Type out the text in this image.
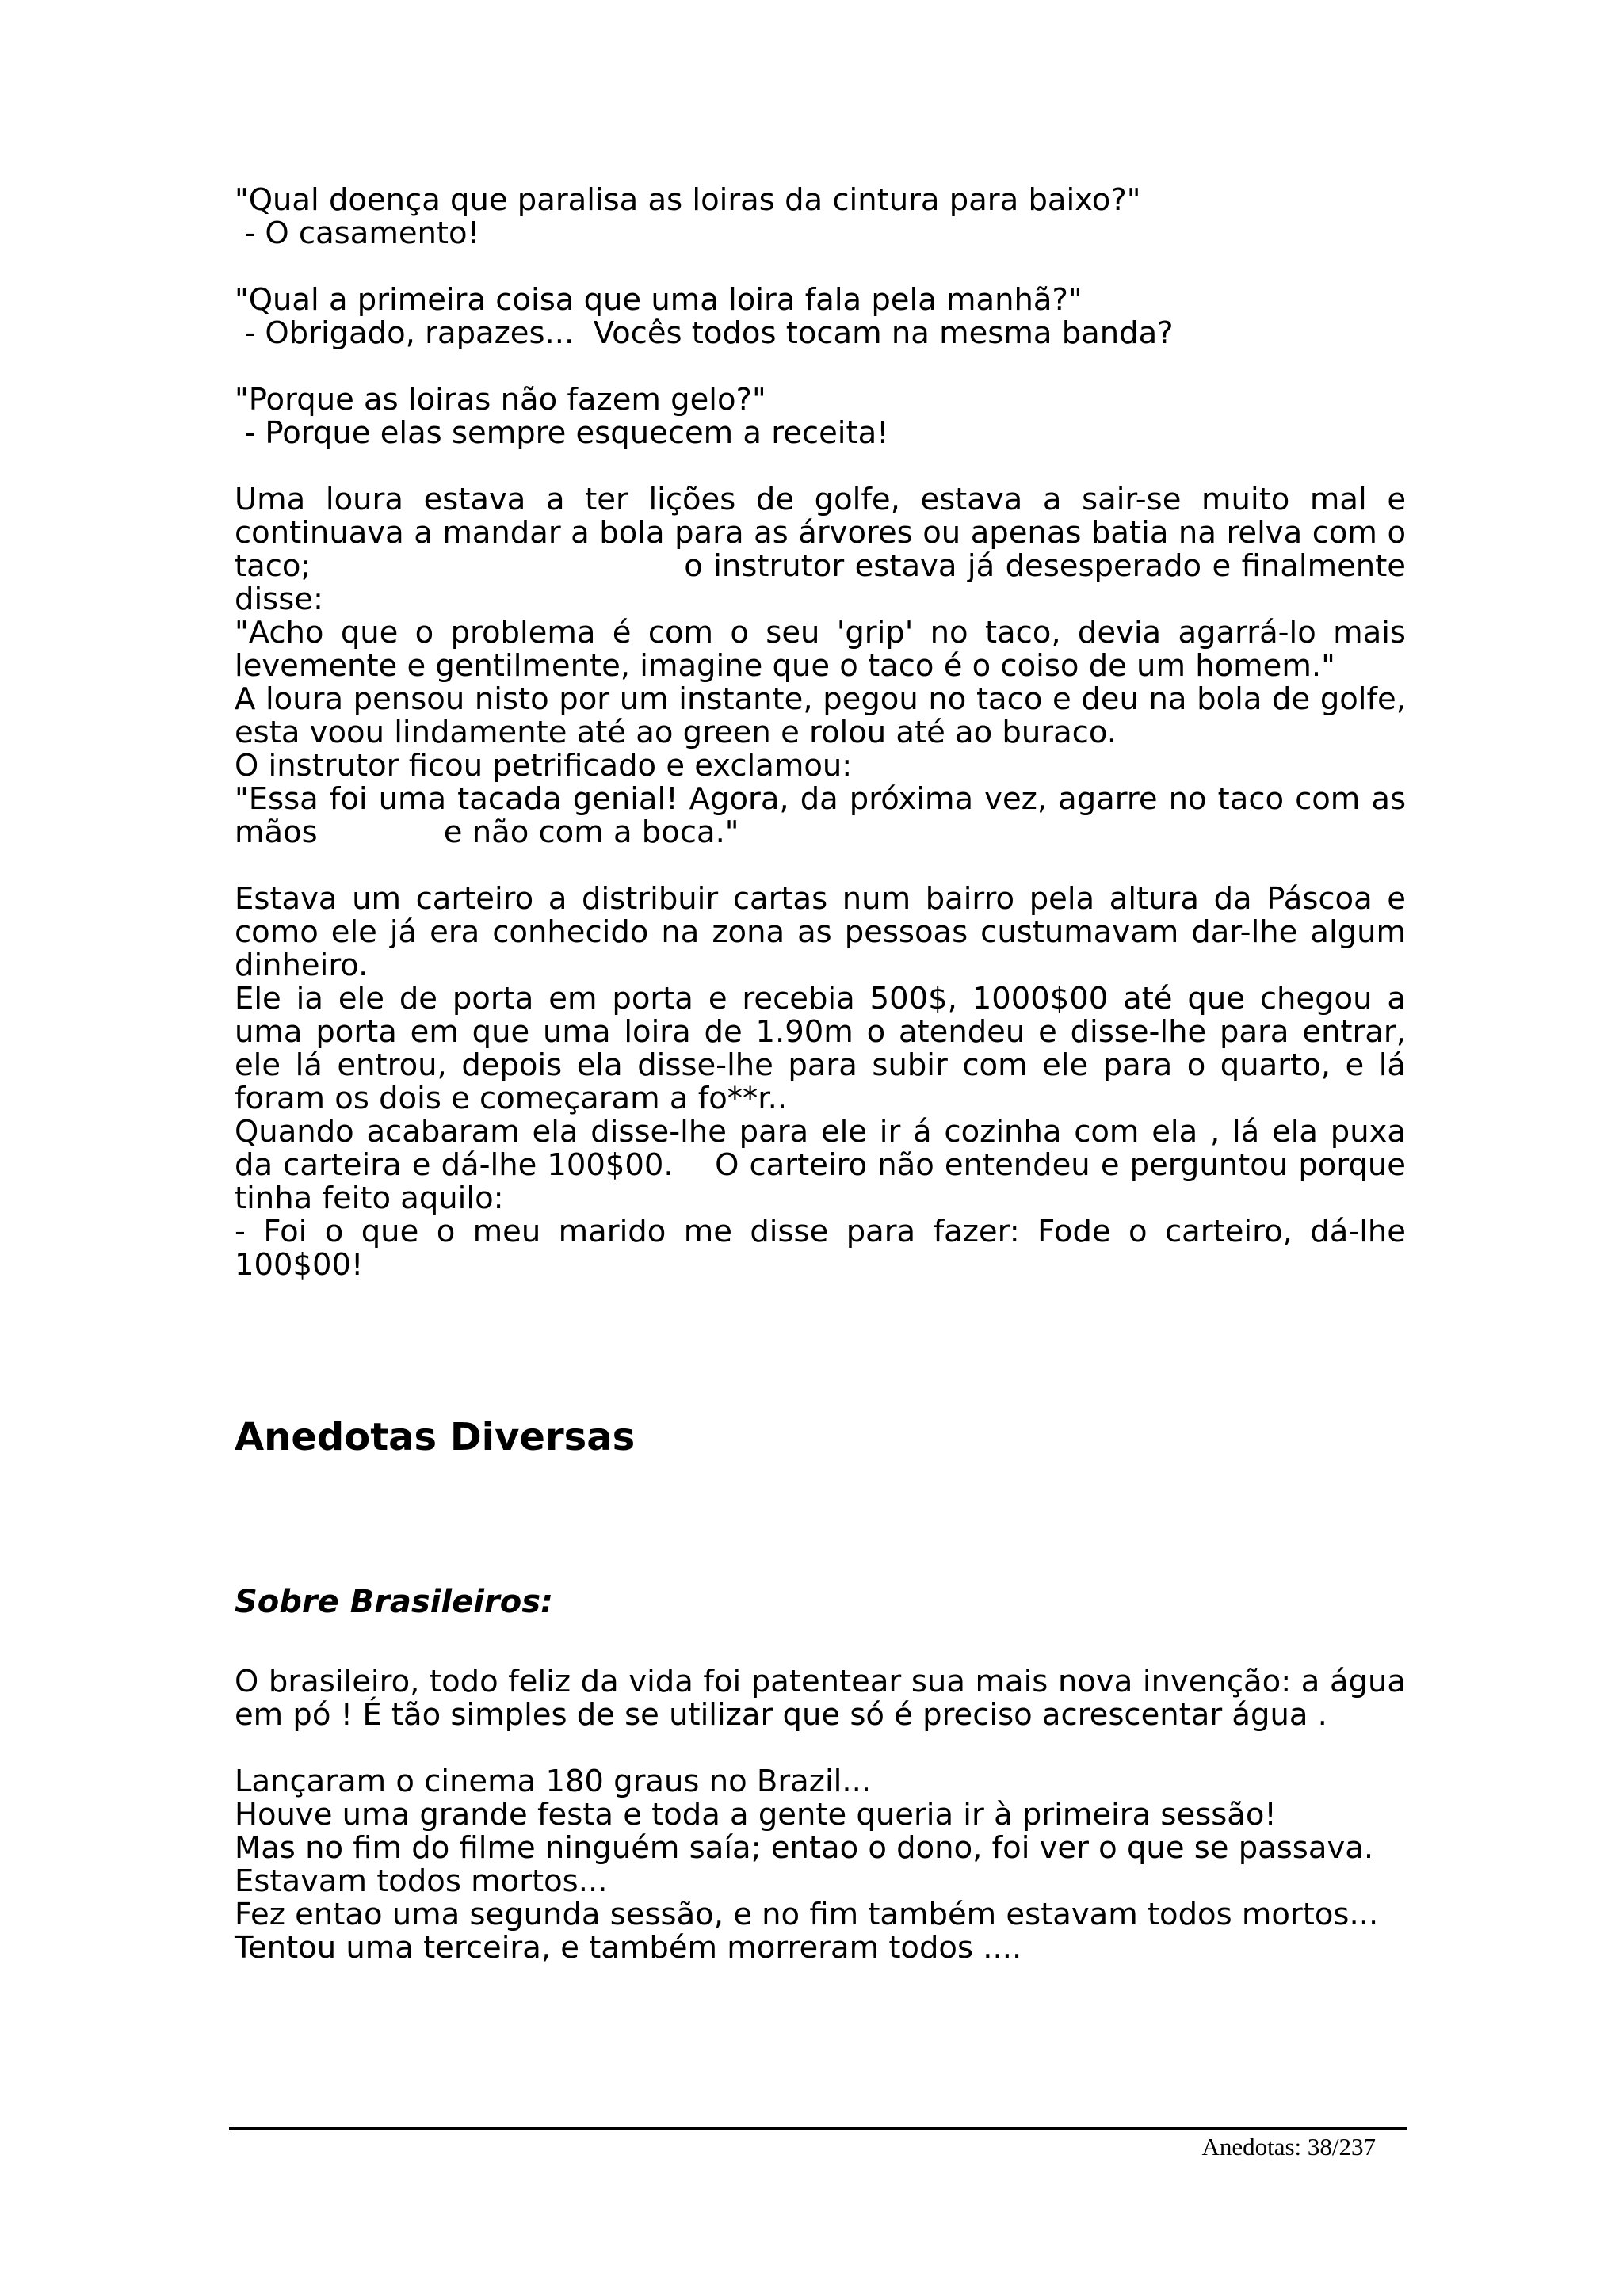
"Qual doença que paralisa as loiras da cintura para baixo?"

- O casamento!

"Qual a primeira coisa que uma loira fala pela manhã?"

- Obrigado, rapazes...  Vocês todos tocam na mesma banda?

"Porque as loiras não fazem gelo?"

- Porque elas sempre esquecem a receita!

Uma loura estava a ter lições de golfe, estava a sair-se muito mal e continuava a mandar a bola para as árvores ou apenas batia na relva com o taco;                                   o instrutor estava já desesperado e finalmente disse:

"Acho que o problema é com o seu 'grip' no taco, devia agarrá-lo mais levemente e gentilmente, imagine que o taco é o coiso de um homem."

A loura pensou nisto por um instante, pegou no taco e deu na bola de golfe, esta voou lindamente até ao green e rolou até ao buraco.

O instrutor ficou petrificado e exclamou:

"Essa foi uma tacada genial! Agora, da próxima vez, agarre no taco com as mãos             e não com a boca."

Estava um carteiro a distribuir cartas num bairro pela altura da Páscoa e como ele já era conhecido na zona as pessoas custumavam dar-lhe algum dinheiro.

Ele ia ele de porta em porta e recebia 500$, 1000$00 até que chegou a uma porta em que uma loira de 1.90m o atendeu e disse-lhe para entrar, ele lá entrou, depois ela disse-lhe para subir com ele para o quarto, e lá foram os dois e começaram a fo**r..

Quando acabaram ela disse-lhe para ele ir á cozinha com ela , lá ela puxa da carteira e dá-lhe 100$00.    O carteiro não entendeu e perguntou porque tinha feito aquilo:

- Foi o que o meu marido me disse para fazer: Fode o carteiro, dá-lhe 100$00!

Anedotas Diversas
Sobre Brasileiros:

O brasileiro, todo feliz da vida foi patentear sua mais nova invenção: a água em pó ! É tão simples de se utilizar que só é preciso acrescentar água .

Lançaram o cinema 180 graus no Brazil...

Houve uma grande festa e toda a gente queria ir à primeira sessão!

Mas no fim do filme ninguém saía; entao o dono, foi ver o que se passava.

Estavam todos mortos...

Fez entao uma segunda sessão, e no fim também estavam todos mortos...

Tentou uma terceira, e também morreram todos ....

Anedotas: 38/237
